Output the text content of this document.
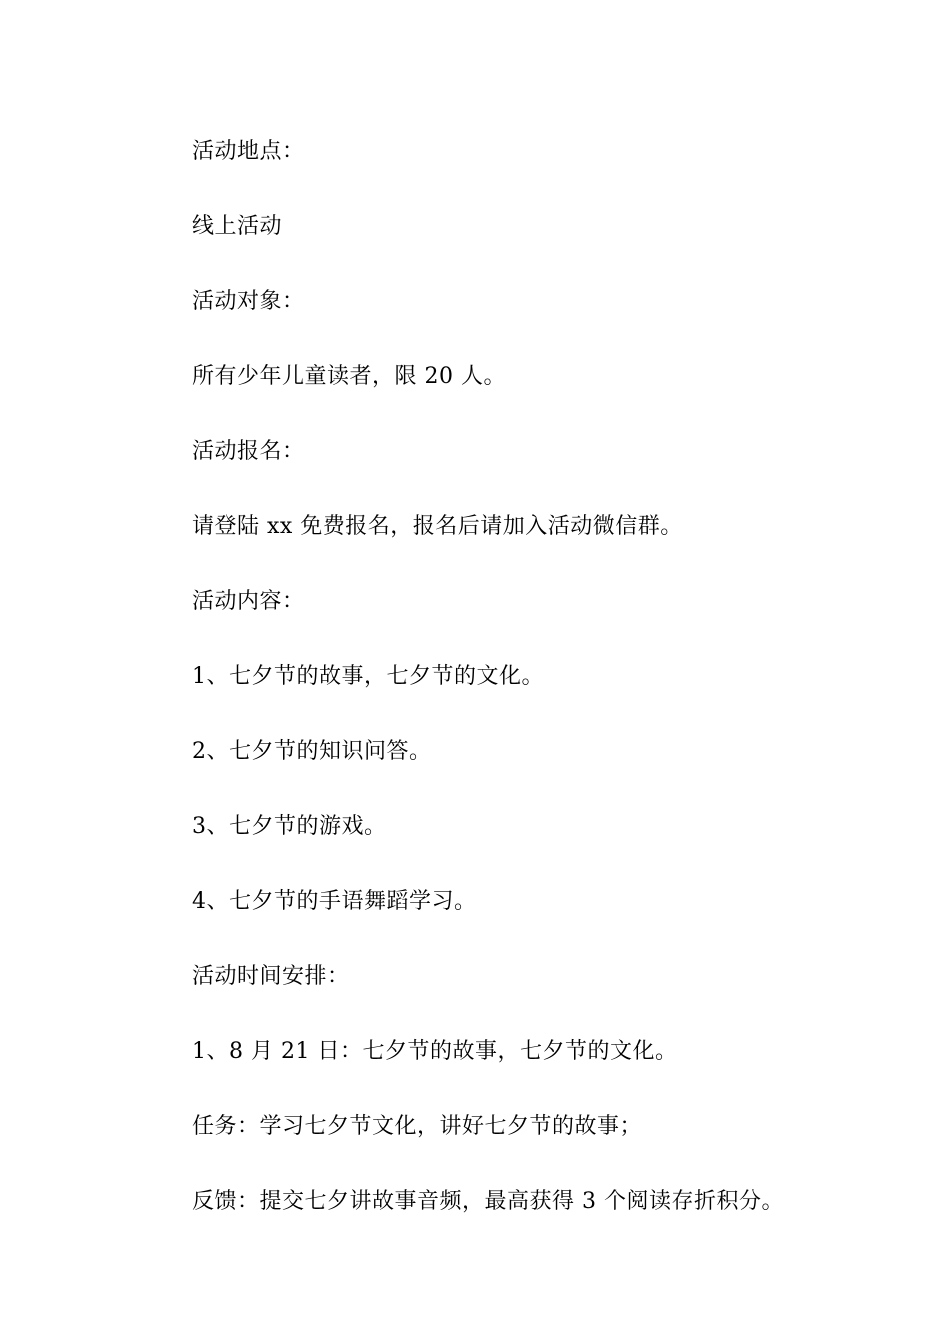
活动地点：
线上活动
活动对象：
所有少年儿童读者，限 20 人。
活动报名：
请登陆 xx 免费报名，报名后请加入活动微信群。
活动内容：
1、七夕节的故事，七夕节的文化。
2、七夕节的知识问答。
3、七夕节的游戏。
4、七夕节的手语舞蹈学习。
活动时间安排：
1、8 月 21 日：七夕节的故事，七夕节的文化。
任务：学习七夕节文化，讲好七夕节的故事；
反馈：提交七夕讲故事音频，最高获得 3 个阅读存折积分。
